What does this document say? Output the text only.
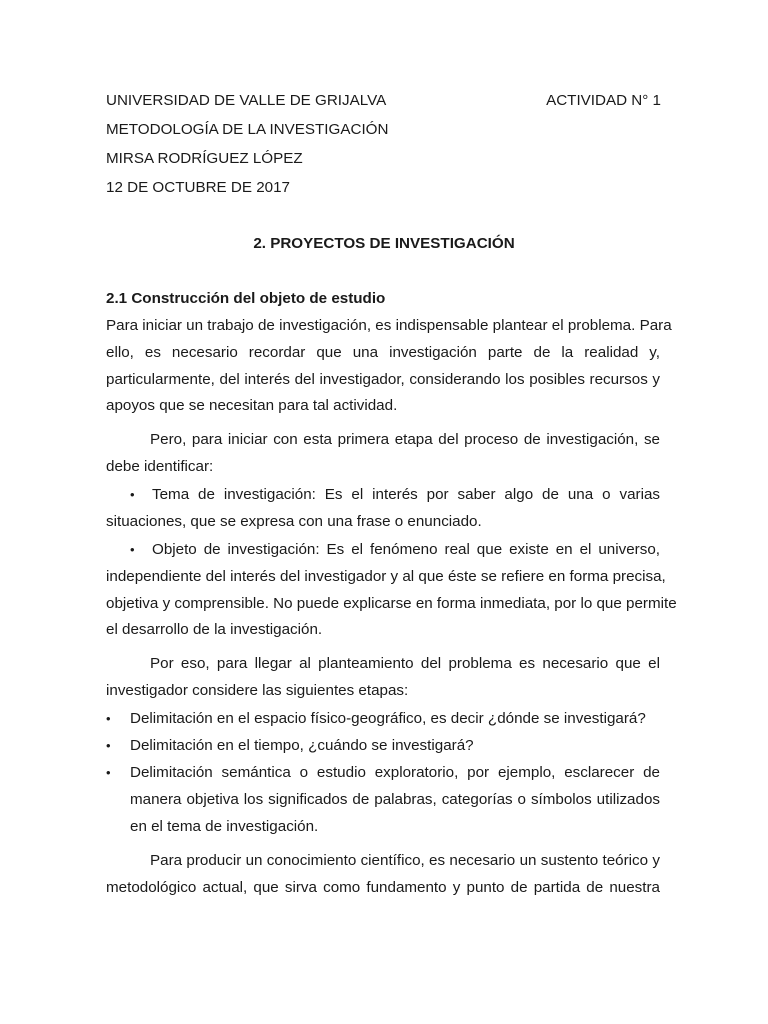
UNIVERSIDAD DE VALLE DE GRIJALVA	ACTIVIDAD N° 1
METODOLOGÍA DE LA INVESTIGACIÓN
MIRSA RODRÍGUEZ LÓPEZ
12 DE OCTUBRE DE 2017
2. PROYECTOS DE INVESTIGACIÓN
2.1 Construcción del objeto de estudio
Para iniciar un trabajo de investigación, es indispensable plantear el problema. Para
ello, es necesario recordar que una investigación parte de la realidad y,
particularmente, del interés del investigador, considerando los posibles recursos y
apoyos que se necesitan para tal actividad.
Pero, para iniciar con esta primera etapa del proceso de investigación, se
debe identificar:
• Tema de investigación: Es el interés por saber algo de una o varias
situaciones, que se expresa con una frase o enunciado.
• Objeto de investigación: Es el fenómeno real que existe en el universo,
independiente del interés del investigador y al que éste se refiere en forma precisa,
objetiva y comprensible. No puede explicarse en forma inmediata, por lo que permite
el desarrollo de la investigación.
Por eso, para llegar al planteamiento del problema es necesario que el
investigador considere las siguientes etapas:
• Delimitación en el espacio físico-geográfico, es decir ¿dónde se investigará?
• Delimitación en el tiempo, ¿cuándo se investigará?
• Delimitación semántica o estudio exploratorio, por ejemplo, esclarecer de
manera objetiva los significados de palabras, categorías o símbolos utilizados
en el tema de investigación.
Para producir un conocimiento científico, es necesario un sustento teórico y
metodológico actual, que sirva como fundamento y punto de partida de nuestra
